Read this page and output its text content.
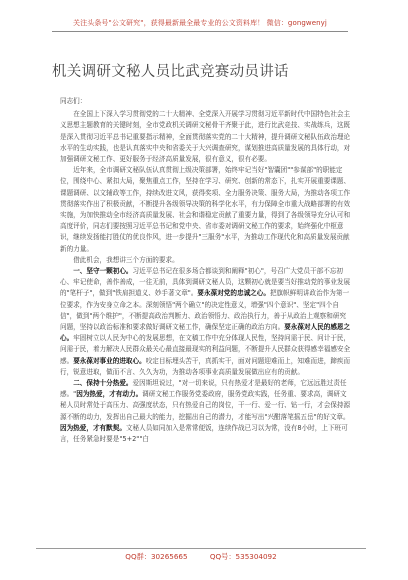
关注头条号"公文研究"，获得最新最全最专业的公文资料库！ 微信：gongwenyj
机关调研文秘人员比武竞赛动员讲话

同志们：

在全国上下深入学习贯彻党的二十大精神、全党深入开展学习贯彻习近平新时代中国特色社会主义思想主题教育的关键时刻，全市党政机关调研文秘骨干齐聚于此，进行比武竞技、实战练兵，这既是深入贯彻习近平总书记重要指示精神，全面贯彻落实党的二十大精神，提升调研文秘队伍政治理论水平的生动实践，也是认真落实中央和省委关于大兴调查研究，谋划推进高质量发展的具体行动，对加强调研文秘工作、更好服务于经济高质量发展，很有意义，很有必要。

近年来，全市调研文秘队伍认真贯彻上级决策部署，始终牢记当好"智囊团""参谋部"的职能定位，围绕中心、紧扣大局，聚焦重点工作，坚持在学习、研究、创新的常态下，扎实开展重要课题、课题调研、以文辅政等工作，持续改进文风，获得奖项、全力服务决策、服务大局，为推动各项工作贯彻落实作出了积极贡献，不断提升各级领导决策的科学化水平，有力保障全市重大战略部署的有效实施，为加快推动全市经济高质量发展、社会和谐稳定贡献了重要力量，得到了各级领导充分认可和高度评价，同志们要按照习近平总书记和党中央、省市委对调研文秘工作的要求，始终强化中枢意识，继续发扬能打胜仗的优良作风，进一步提升"三服务"水平，为推动工作现代化和高质量发展贡献新的力量。

借此机会，我想讲三个方面的要求。

一、坚守一颗初心。习近平总书记在很多场合都谈到和阐释"初心"，号召广大党员干部不忘初心、牢记使命，善作善成，一往无前，具体到调研文秘人员，这颗初心就是要当好推动党的事业发展的"笔杆子"，做到"铁肩担道义、妙手著文章"。要永葆对党的忠诚之心。把旗帜鲜明讲政治作为第一位要求，作为安身立命之本。深刻领悟"两个确立"的决定性意义，增强"四个意识"、坚定"四个自信"，做到"两个维护"，不断提高政治判断力、政治领悟力、政治执行力，善于从政治上观察和研究问题，坚持以政治标准和要求做好调研文秘工作，确保坚定正确的政治方向。要永葆对人民的感恩之心。牢固树立以人民为中心的发展思想，在文稿工作中充分体现人民性，坚持问需于民、问计于民，问需于民，着力解决人民群众最关心最直接最现实的利益问题，不断提升人民群众获得感幸福感安全感。要永葆对事业的进取心。咬定目标埋头苦干，真抓实干，面对问题迎难而上，知难而进，蹄疾而行，锐意进取，做而不言、久久为功，为推动各项事业高质量发展做出应有的贡献。

二、保持十分热爱。爱因斯坦说过，"对一切来说，只有热爱才是最好的老师，它远远胜过责任感。"因为热爱，才有动力。调研文秘工作服务党委政府，服务党政实践，任务重、要求高，调研文秘人员时常处于高压力、高强度状态，只有热爱自己的岗位，干一行、爱一行、钻一行，才会保持源源不断的动力，发挥出自己最大的能力，挖掘出自己的潜力，才能写出"兴酣落笔摇五岳"的好文章。因为热爱，才有默契。文秘人员如同加入是常常便饭，连续作战已习以为常，没有8小时，上下班可言，任务紧急时要是"5+2""白

QQ群：30265665	QQ号：535304092
